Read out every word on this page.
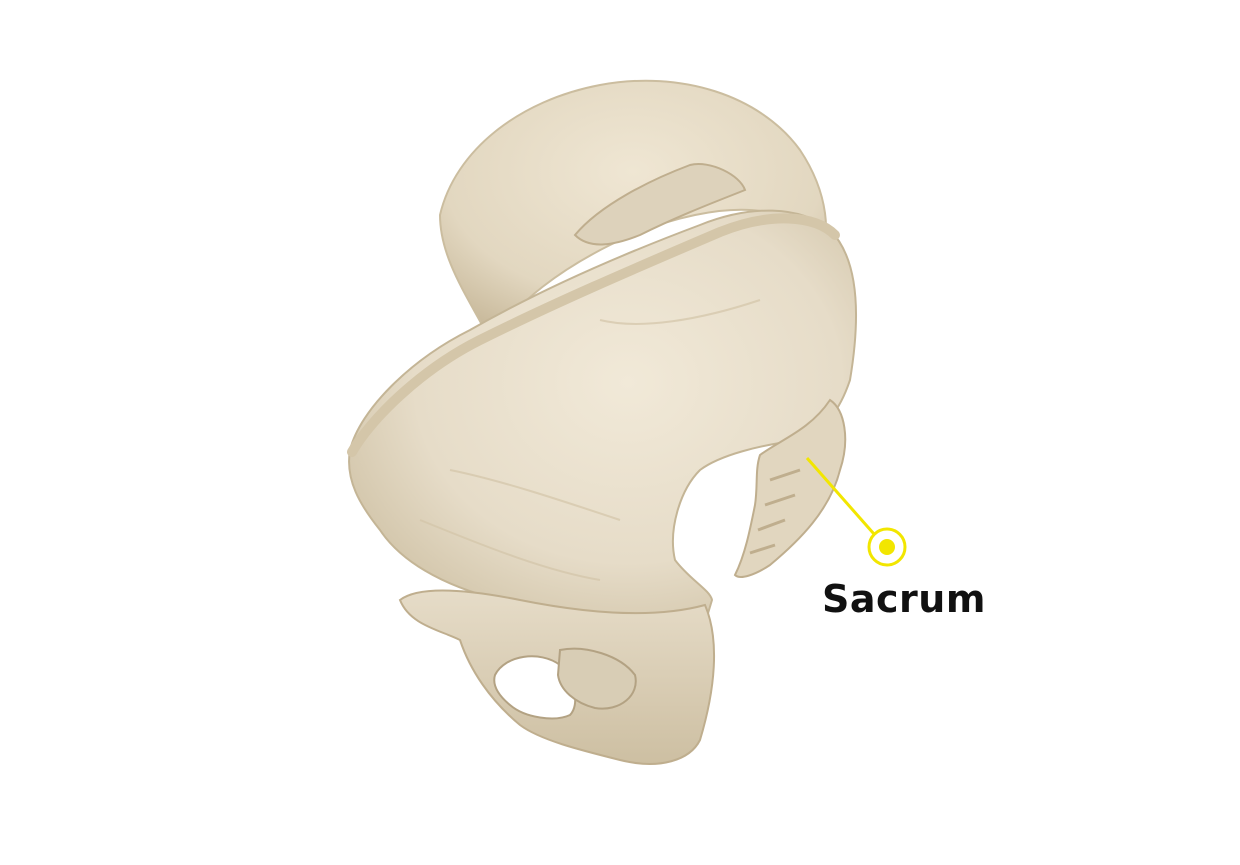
Sacrum
